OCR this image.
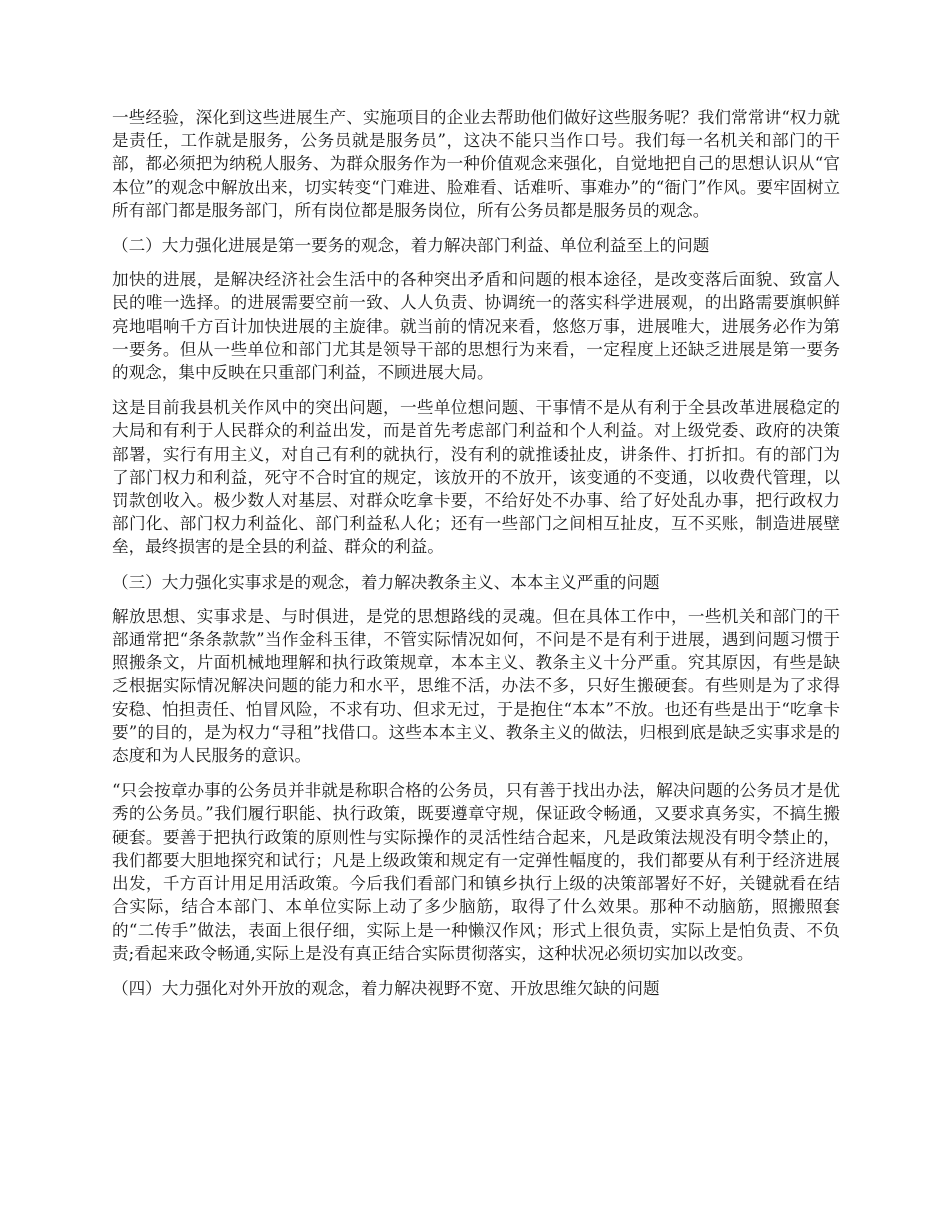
一些经验，深化到这些进展生产、实施项目的企业去帮助他们做好这些服务呢？我们常常讲“权力就是责任，工作就是服务，公务员就是服务员”，这决不能只当作口号。我们每一名机关和部门的干部，都必须把为纳税人服务、为群众服务作为一种价值观念来强化，自觉地把自己的思想认识从“官本位”的观念中解放出来，切实转变“门难进、脸难看、话难听、事难办”的“衙门”作风。要牢固树立所有部门都是服务部门，所有岗位都是服务岗位，所有公务员都是服务员的观念。

（二）大力强化进展是第一要务的观念，着力解决部门利益、单位利益至上的问题

加快的进展，是解决经济社会生活中的各种突出矛盾和问题的根本途径，是改变落后面貌、致富人民的唯一选择。的进展需要空前一致、人人负责、协调统一的落实科学进展观，的出路需要旗帜鲜亮地唱响千方百计加快进展的主旋律。就当前的情况来看，悠悠万事，进展唯大，进展务必作为第一要务。但从一些单位和部门尤其是领导干部的思想行为来看，一定程度上还缺乏进展是第一要务的观念，集中反映在只重部门利益，不顾进展大局。

这是目前我县机关作风中的突出问题，一些单位想问题、干事情不是从有利于全县改革进展稳定的大局和有利于人民群众的利益出发，而是首先考虑部门利益和个人利益。对上级党委、政府的决策部署，实行有用主义，对自己有利的就执行，没有利的就推诿扯皮，讲条件、打折扣。有的部门为了部门权力和利益，死守不合时宜的规定，该放开的不放开，该变通的不变通，以收费代管理，以罚款创收入。极少数人对基层、对群众吃拿卡要，不给好处不办事、给了好处乱办事，把行政权力部门化、部门权力利益化、部门利益私人化；还有一些部门之间相互扯皮，互不买账，制造进展壁垒，最终损害的是全县的利益、群众的利益。

（三）大力强化实事求是的观念，着力解决教条主义、本本主义严重的问题

解放思想、实事求是、与时俱进，是党的思想路线的灵魂。但在具体工作中，一些机关和部门的干部通常把“条条款款”当作金科玉律，不管实际情况如何，不问是不是有利于进展，遇到问题习惯于照搬条文，片面机械地理解和执行政策规章，本本主义、教条主义十分严重。究其原因，有些是缺乏根据实际情况解决问题的能力和水平，思维不活，办法不多，只好生搬硬套。有些则是为了求得安稳、怕担责任、怕冒风险，不求有功、但求无过，于是抱住“本本”不放。也还有些是出于“吃拿卡要”的目的，是为权力“寻租”找借口。这些本本主义、教条主义的做法，归根到底是缺乏实事求是的态度和为人民服务的意识。

“只会按章办事的公务员并非就是称职合格的公务员，只有善于找出办法，解决问题的公务员才是优秀的公务员。”我们履行职能、执行政策，既要遵章守规，保证政令畅通，又要求真务实，不搞生搬硬套。要善于把执行政策的原则性与实际操作的灵活性结合起来，凡是政策法规没有明令禁止的，我们都要大胆地探究和试行；凡是上级政策和规定有一定弹性幅度的，我们都要从有利于经济进展出发，千方百计用足用活政策。今后我们看部门和镇乡执行上级的决策部署好不好，关键就看在结合实际，结合本部门、本单位实际上动了多少脑筋，取得了什么效果。那种不动脑筋，照搬照套的“二传手”做法，表面上很仔细，实际上是一种懒汉作风；形式上很负责，实际上是怕负责、不负责;看起来政令畅通,实际上是没有真正结合实际贯彻落实，这种状况必须切实加以改变。

（四）大力强化对外开放的观念，着力解决视野不宽、开放思维欠缺的问题
